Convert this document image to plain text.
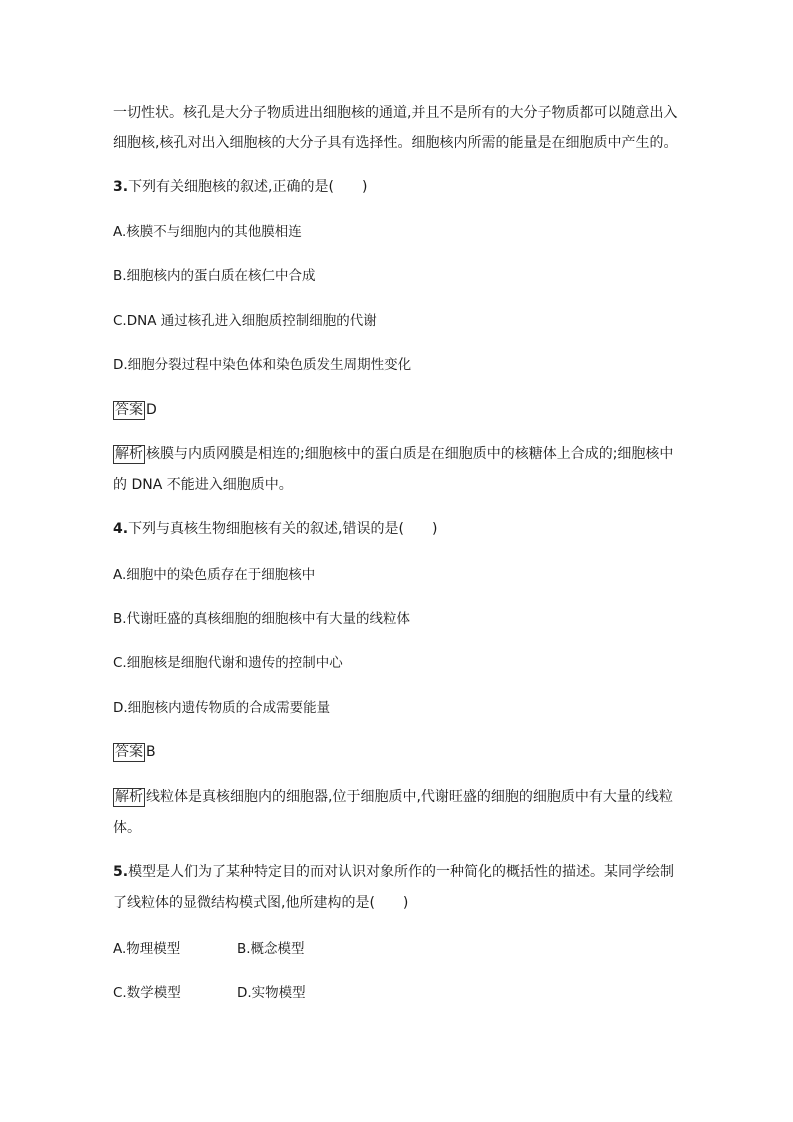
一切性状。核孔是大分子物质进出细胞核的通道,并且不是所有的大分子物质都可以随意出入
细胞核,核孔对出入细胞核的大分子具有选择性。细胞核内所需的能量是在细胞质中产生的。
3.下列有关细胞核的叙述,正确的是(　　)
A.核膜不与细胞内的其他膜相连
B.细胞核内的蛋白质在核仁中合成
C.DNA 通过核孔进入细胞质控制细胞的代谢
D.细胞分裂过程中染色体和染色质发生周期性变化
答案 D
解析 核膜与内质网膜是相连的;细胞核中的蛋白质是在细胞质中的核糖体上合成的;细胞核中
的 DNA 不能进入细胞质中。
4.下列与真核生物细胞核有关的叙述,错误的是(　　)
A.细胞中的染色质存在于细胞核中
B.代谢旺盛的真核细胞的细胞核中有大量的线粒体
C.细胞核是细胞代谢和遗传的控制中心
D.细胞核内遗传物质的合成需要能量
答案 B
解析 线粒体是真核细胞内的细胞器,位于细胞质中,代谢旺盛的细胞的细胞质中有大量的线粒
体。
5.模型是人们为了某种特定目的而对认识对象所作的一种简化的概括性的描述。某同学绘制
了线粒体的显微结构模式图,他所建构的是(　　)
A.物理模型	B.概念模型
C.数学模型	D.实物模型
